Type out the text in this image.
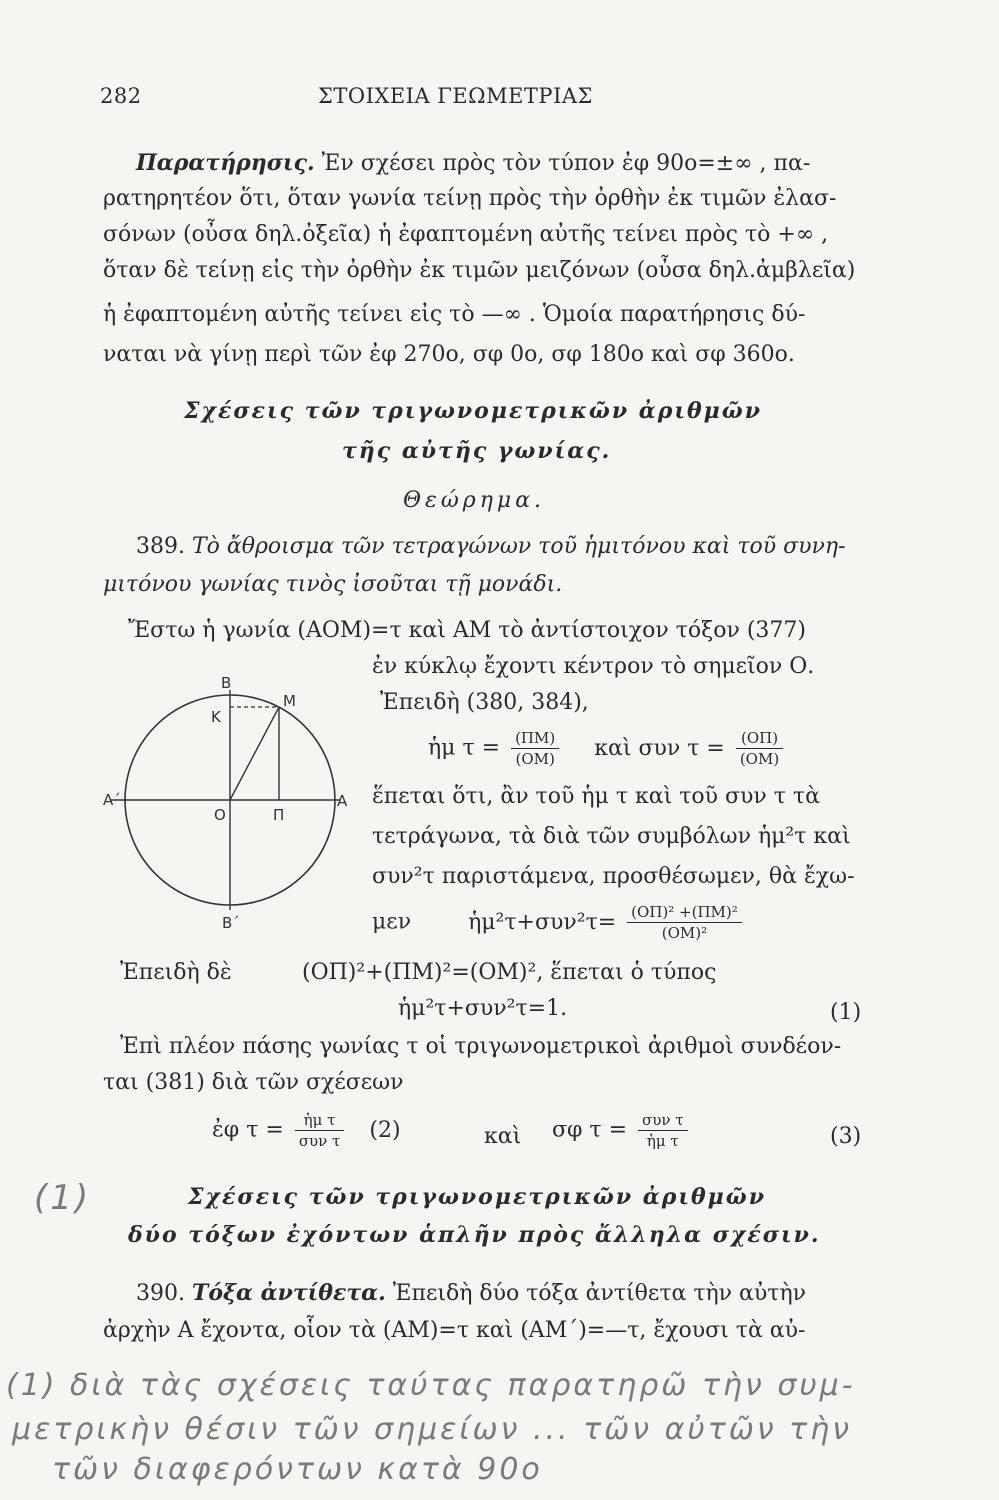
282	ΣΤΟΙΧΕΙΑ ΓΕΩΜΕΤΡΙΑΣ
Παρατήρησις. Ἐν σχέσει πρὸς τὸν τύπον ἐφ 90ο=±∞ , πα-
ρατηρητέον ὅτι, ὅταν γωνία τείνῃ πρὸς τὴν ὀρθὴν ἐκ τιμῶν ἐλασ-
σόνων (οὖσα δηλ.ὀξεῖα) ἡ ἐφαπτομένη αὐτῆς τείνει πρὸς τὸ +∞ ,
ὅταν δὲ τείνῃ εἰς τὴν ὀρθὴν ἐκ τιμῶν μειζόνων (οὖσα δηλ.ἀμβλεῖα)
ἡ ἐφαπτομένη αὐτῆς τείνει εἰς τὸ —∞ . Ὁμοία παρατήρησις δύ-
ναται νὰ γίνῃ περὶ τῶν ἐφ 270ο, σφ 0ο, σφ 180ο καὶ σφ 360ο.
Σχέσεις τῶν τριγωνομετρικῶν ἀριθμῶν
τῆς αὐτῆς γωνίας.
Θεώρημα.
389. Τὸ ἄθροισμα τῶν τετραγώνων τοῦ ἡμιτόνου καὶ τοῦ συνη-
μιτόνου γωνίας τινὸς ἰσοῦται τῇ μονάδι.
Ἔστω ἡ γωνία (ΑΟΜ)=τ καὶ ΑΜ τὸ ἀντίστοιχον τόξον (377)
ἐν κύκλῳ ἔχοντι κέντρον τὸ σημεῖον Ο.
Ἐπειδὴ (380, 384),
ἡμ $\tau = \frac{(\Pi M)}{(OM)}$ καὶ συν $\tau = \frac{(O\Pi)}{(OM)}$
ἕπεται ὅτι, ἂν τοῦ ἡμ τ καὶ τοῦ συν τ τὰ
τετράγωνα, τὰ διὰ τῶν συμβόλων ἡμ²τ καὶ
συν²τ παριστάμενα, προσθέσωμεν, θὰ ἔχω-
μεν	ἡμ²τ+συν²τ= $\frac{\text{(ΟΠ)² +(ΠΜ)²}}{\text{(ΟΜ)²}}$
Ἐπειδὴ δὲ	(ΟΠ)²+(ΠΜ)²=(ΟΜ)², ἕπεται ὁ τύπος
ἡμ²τ+συν²τ=1.	(1)
Ἐπὶ πλέον πάσης γωνίας τ οἱ τριγωνομετρικοὶ ἀριθμοὶ συνδέον-
ται (381) διὰ τῶν σχέσεων
ἐφ $\tau = \frac{\text{ἡμ τ}}{\text{συν τ}} (2)$	καὶ σφ $\tau = \frac{\text{συν τ}}{\text{ἡμ τ}}$	(3)
Β
Μ
Κ
Α΄	Α
Ο	Π
Β΄
(1)	Σχέσεις τῶν τριγωνομετρικῶν ἀριθμῶν
δύο τόξων ἐχόντων ἁπλῆν πρὸς ἄλληλα σχέσιν.
390. Τόξα ἀντίθετα. Ἐπειδὴ δύο τόξα ἀντίθετα τὴν αὐτὴν
ἀρχὴν Α ἔχοντα, οἷον τὰ (ΑΜ)=τ καὶ (ΑΜ΄)=—τ, ἔχουσι τὰ αὐ-
(1) διὰ τὰς σχέσεις ταύτας παρατηρῶ τὴν συμ-
μετρικὴν θέσιν τῶν σημείων ... τῶν αὐτῶν τὴν
τῶν διαφερόντων κατὰ 90ο
